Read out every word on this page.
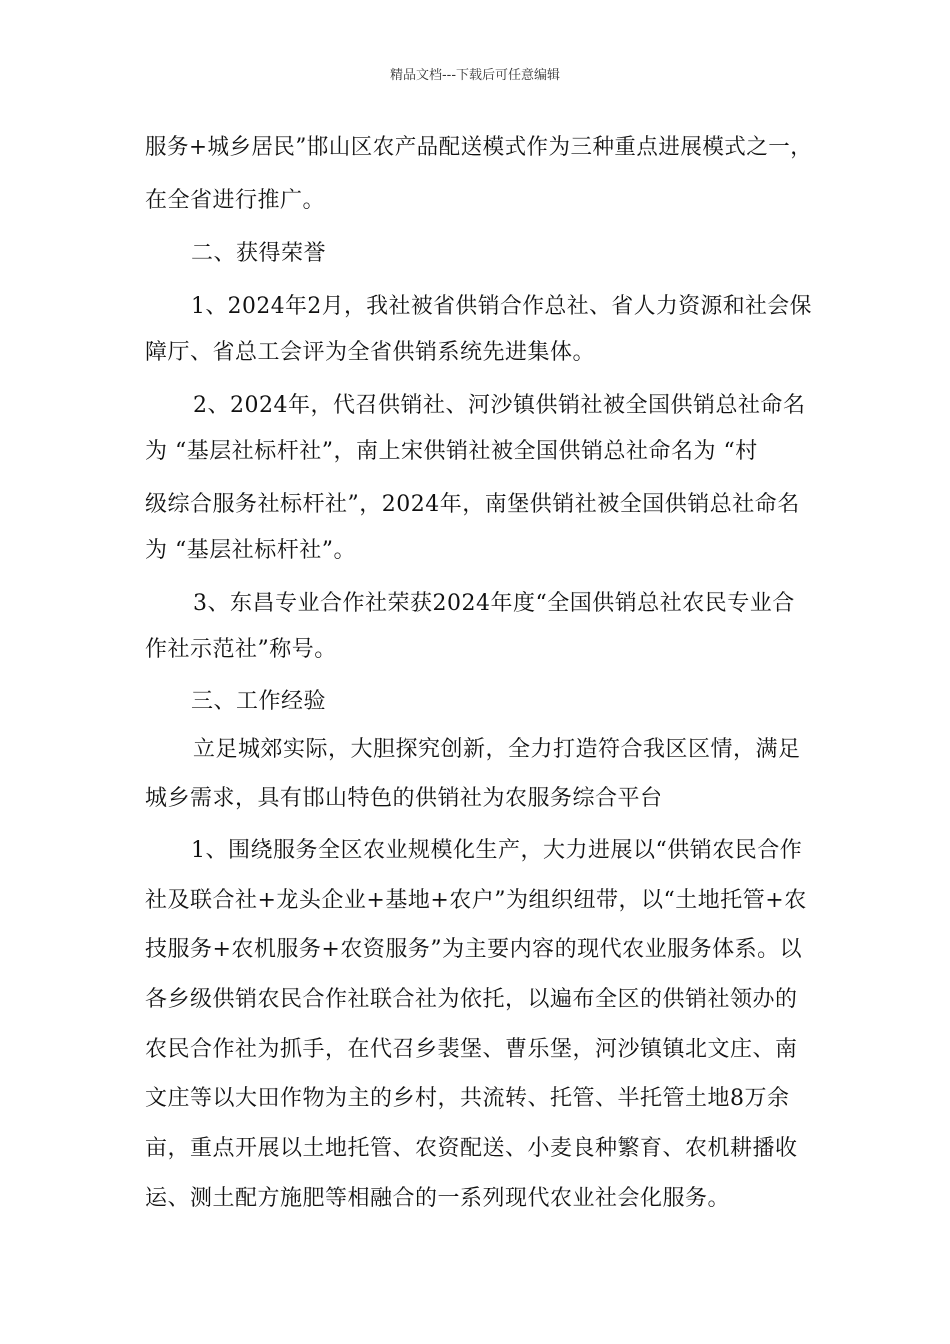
精品文档---下载后可任意编辑
服务+城乡居民”邯山区农产品配送模式作为三种重点进展模式之一，
在全省进行推广。
二、获得荣誉
1、2024年2月，我社被省供销合作总社、省人力资源和社会保
障厅、省总工会评为全省供销系统先进集体。
2、2024年，代召供销社、河沙镇供销社被全国供销总社命名
为 “基层社标杆社”，南上宋供销社被全国供销总社命名为 “村
级综合服务社标杆社”，2024年，南堡供销社被全国供销总社命名
为 “基层社标杆社”。
3、东昌专业合作社荣获2024年度“全国供销总社农民专业合
作社示范社”称号。
三、工作经验
立足城郊实际，大胆探究创新，全力打造符合我区区情，满足
城乡需求，具有邯山特色的供销社为农服务综合平台
1、围绕服务全区农业规模化生产，大力进展以“供销农民合作
社及联合社+龙头企业+基地+农户”为组织纽带，以“土地托管+农
技服务+农机服务+农资服务”为主要内容的现代农业服务体系。以
各乡级供销农民合作社联合社为依托，以遍布全区的供销社领办的
农民合作社为抓手，在代召乡裴堡、曹乐堡，河沙镇镇北文庄、南
文庄等以大田作物为主的乡村，共流转、托管、半托管土地8万余
亩，重点开展以土地托管、农资配送、小麦良种繁育、农机耕播收
运、测土配方施肥等相融合的一系列现代农业社会化服务。
